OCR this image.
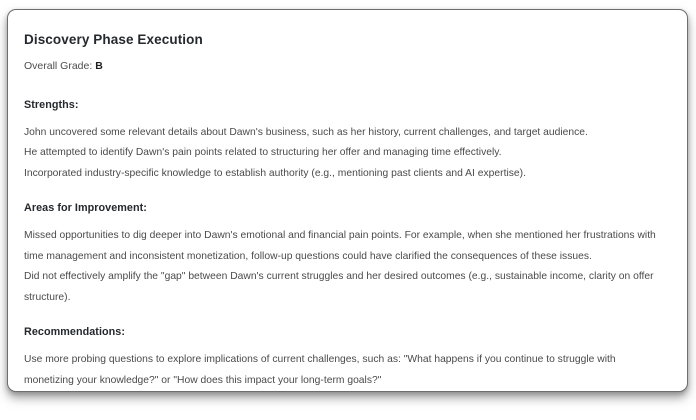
Discovery Phase Execution
Overall Grade: B
Strengths:

John uncovered some relevant details about Dawn's business, such as her history, current challenges, and target audience.

He attempted to identify Dawn's pain points related to structuring her offer and managing time effectively.

Incorporated industry-specific knowledge to establish authority (e.g., mentioning past clients and AI expertise).

Areas for Improvement:

Missed opportunities to dig deeper into Dawn's emotional and financial pain points. For example, when she mentioned her frustrations with time management and inconsistent monetization, follow-up questions could have clarified the consequences of these issues.

Did not effectively amplify the "gap" between Dawn's current struggles and her desired outcomes (e.g., sustainable income, clarity on offer structure).

Recommendations:

Use more probing questions to explore implications of current challenges, such as: "What happens if you continue to struggle with monetizing your knowledge?" or "How does this impact your long-term goals?"
